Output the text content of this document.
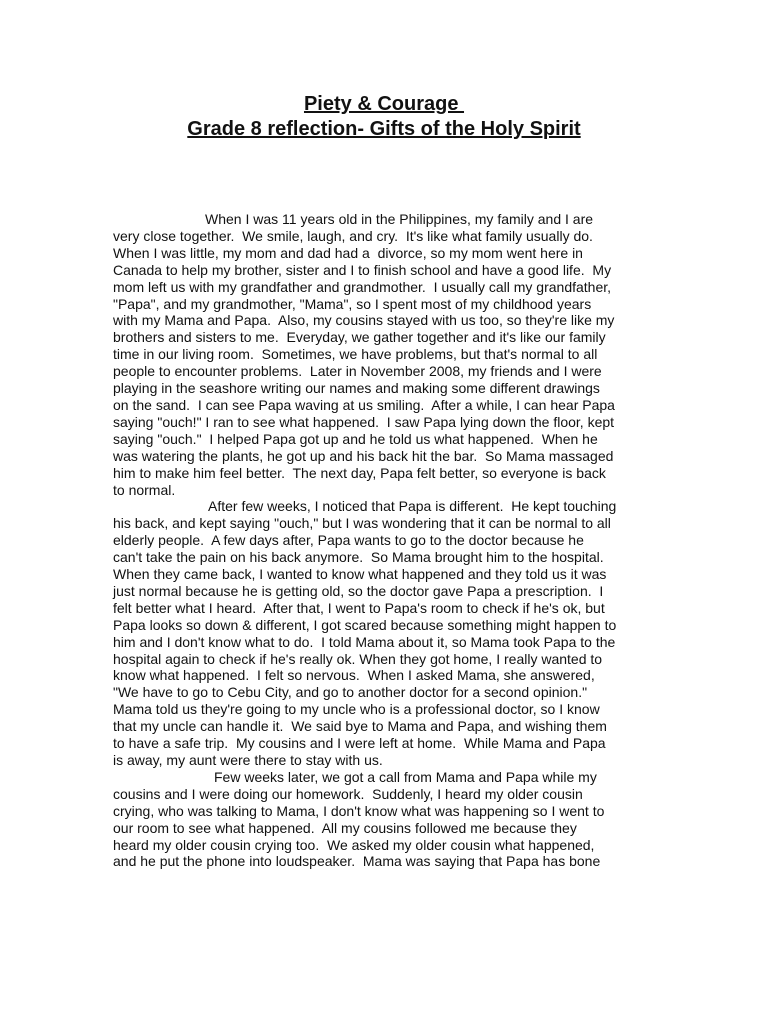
Piety & Courage
Grade 8 reflection- Gifts of the Holy Spirit
When I was 11 years old in the Philippines, my family and I are
very close together.  We smile, laugh, and cry.  It's like what family usually do.
When I was little, my mom and dad had a  divorce, so my mom went here in
Canada to help my brother, sister and I to finish school and have a good life.  My
mom left us with my grandfather and grandmother.  I usually call my grandfather,
"Papa", and my grandmother, "Mama", so I spent most of my childhood years
with my Mama and Papa.  Also, my cousins stayed with us too, so they're like my
brothers and sisters to me.  Everyday, we gather together and it's like our family
time in our living room.  Sometimes, we have problems, but that's normal to all
people to encounter problems.  Later in November 2008, my friends and I were
playing in the seashore writing our names and making some different drawings
on the sand.  I can see Papa waving at us smiling.  After a while, I can hear Papa
saying "ouch!" I ran to see what happened.  I saw Papa lying down the floor, kept
saying "ouch."  I helped Papa got up and he told us what happened.  When he
was watering the plants, he got up and his back hit the bar.  So Mama massaged
him to make him feel better.  The next day, Papa felt better, so everyone is back
to normal.
After few weeks, I noticed that Papa is different.  He kept touching
his back, and kept saying "ouch," but I was wondering that it can be normal to all
elderly people.  A few days after, Papa wants to go to the doctor because he
can't take the pain on his back anymore.  So Mama brought him to the hospital.
When they came back, I wanted to know what happened and they told us it was
just normal because he is getting old, so the doctor gave Papa a prescription.  I
felt better what I heard.  After that, I went to Papa's room to check if he's ok, but
Papa looks so down & different, I got scared because something might happen to
him and I don't know what to do.  I told Mama about it, so Mama took Papa to the
hospital again to check if he's really ok. When they got home, I really wanted to
know what happened.  I felt so nervous.  When I asked Mama, she answered,
"We have to go to Cebu City, and go to another doctor for a second opinion."
Mama told us they're going to my uncle who is a professional doctor, so I know
that my uncle can handle it.  We said bye to Mama and Papa, and wishing them
to have a safe trip.  My cousins and I were left at home.  While Mama and Papa
is away, my aunt were there to stay with us.
Few weeks later, we got a call from Mama and Papa while my
cousins and I were doing our homework.  Suddenly, I heard my older cousin
crying, who was talking to Mama, I don't know what was happening so I went to
our room to see what happened.  All my cousins followed me because they
heard my older cousin crying too.  We asked my older cousin what happened,
and he put the phone into loudspeaker.  Mama was saying that Papa has bone
